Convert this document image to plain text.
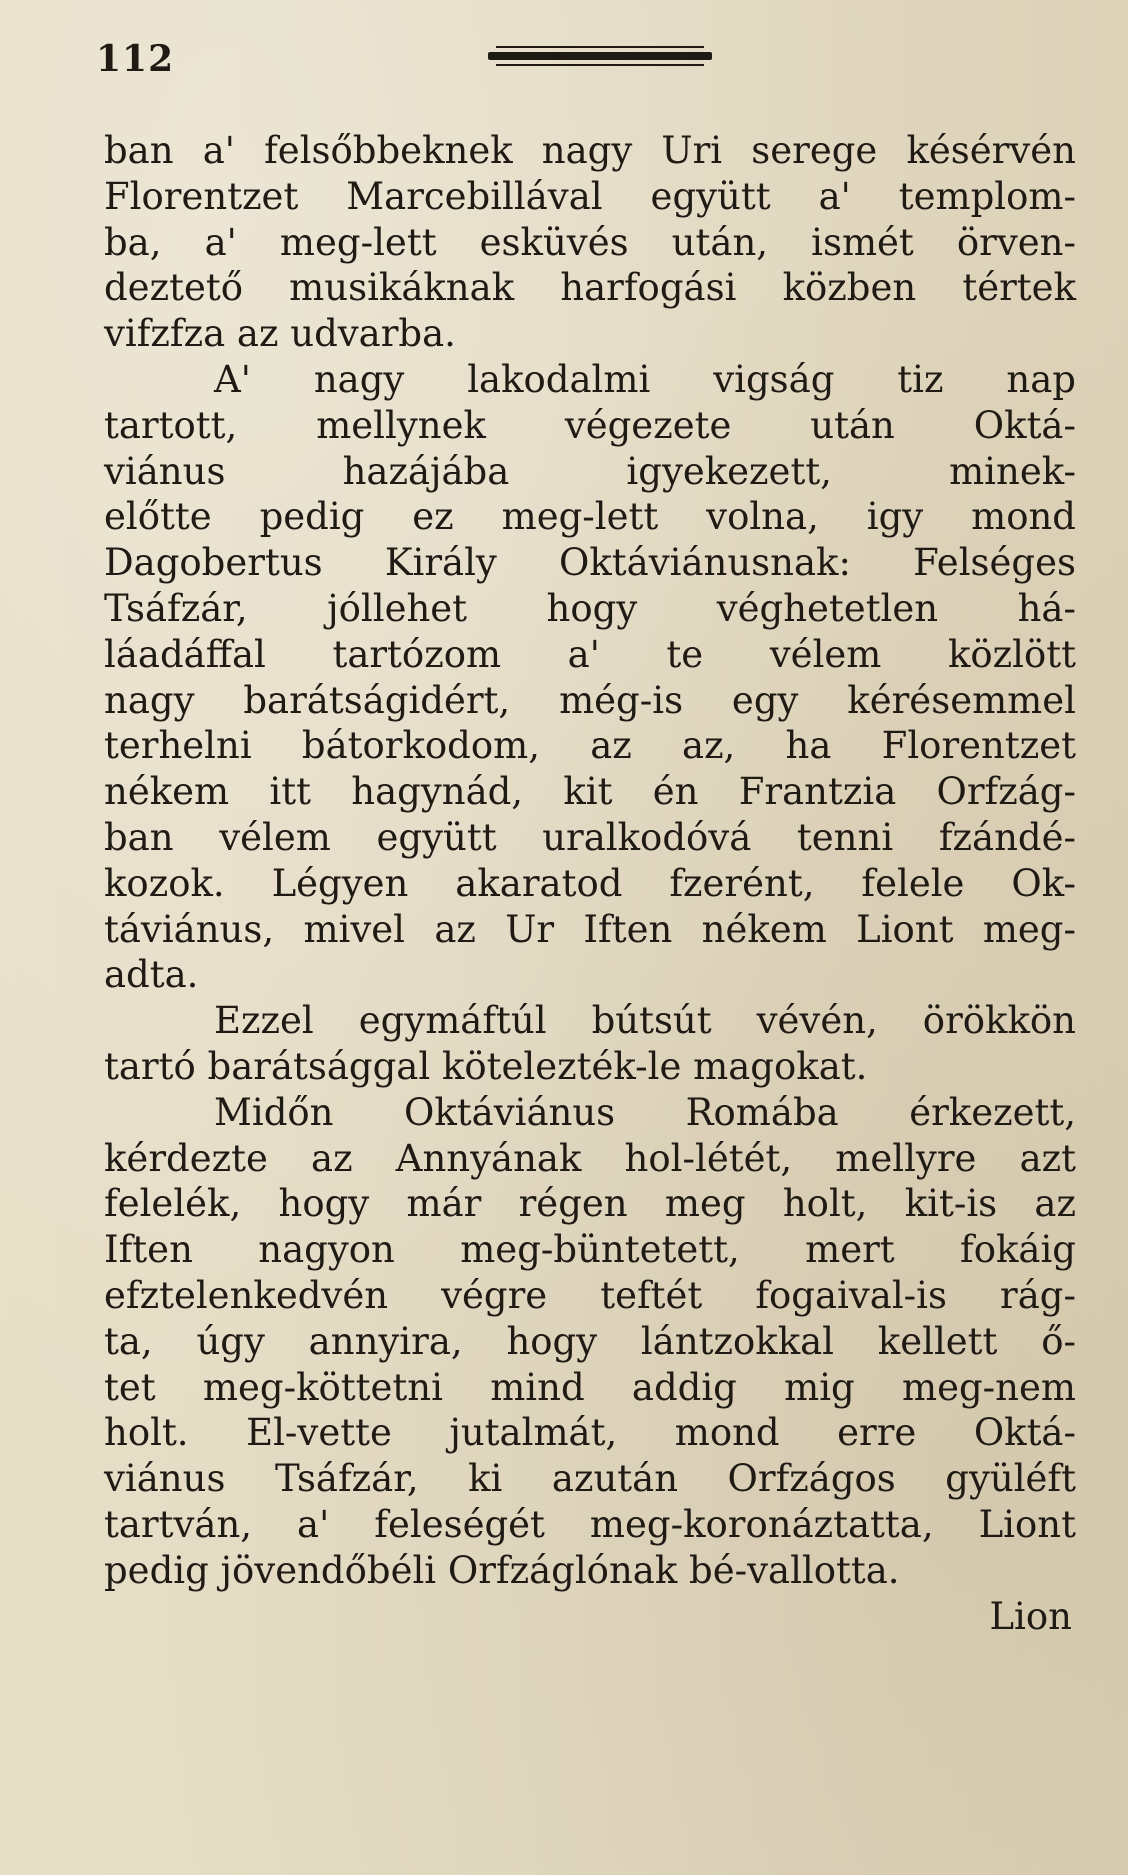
112
ban a' felsőbbeknek nagy Uri serege késérvén
Florentzet Marcebillával együtt a' templom-
ba, a' meg-lett esküvés után, ismét örven-
deztető musikáknak harfogási közben tértek
vifzfza az udvarba.
A' nagy lakodalmi vigság tiz nap
tartott, mellynek végezete után Oktá-
viánus hazájába igyekezett, minek-
előtte pedig ez meg-lett volna, igy mond
Dagobertus Király Oktáviánusnak: Felséges
Tsáfzár, jóllehet hogy véghetetlen há-
láadáffal tartózom a' te vélem közlött
nagy barátságidért, még-is egy kérésemmel
terhelni bátorkodom, az az, ha Florentzet
nékem itt hagynád, kit én Frantzia Orfzág-
ban vélem együtt uralkodóvá tenni fzándé-
kozok. Légyen akaratod fzerént, felele Ok-
táviánus, mivel az Ur Iften nékem Liont meg-
adta.
Ezzel egymáftúl bútsút vévén, örökkön
tartó barátsággal kötelezték-le magokat.
Midőn Oktáviánus Romába érkezett,
kérdezte az Annyának hol-létét, mellyre azt
felelék, hogy már régen meg holt, kit-is az
Iften nagyon meg-büntetett, mert fokáig
efztelenkedvén végre teftét fogaival-is rág-
ta, úgy annyira, hogy lántzokkal kellett ő-
tet meg-köttetni mind addig mig meg-nem
holt. El-vette jutalmát, mond erre Oktá-
viánus Tsáfzár, ki azután Orfzágos gyüléft
tartván, a' feleségét meg-koronáztatta, Liont
pedig jövendőbéli Orfzáglónak bé-vallotta.
Lion
